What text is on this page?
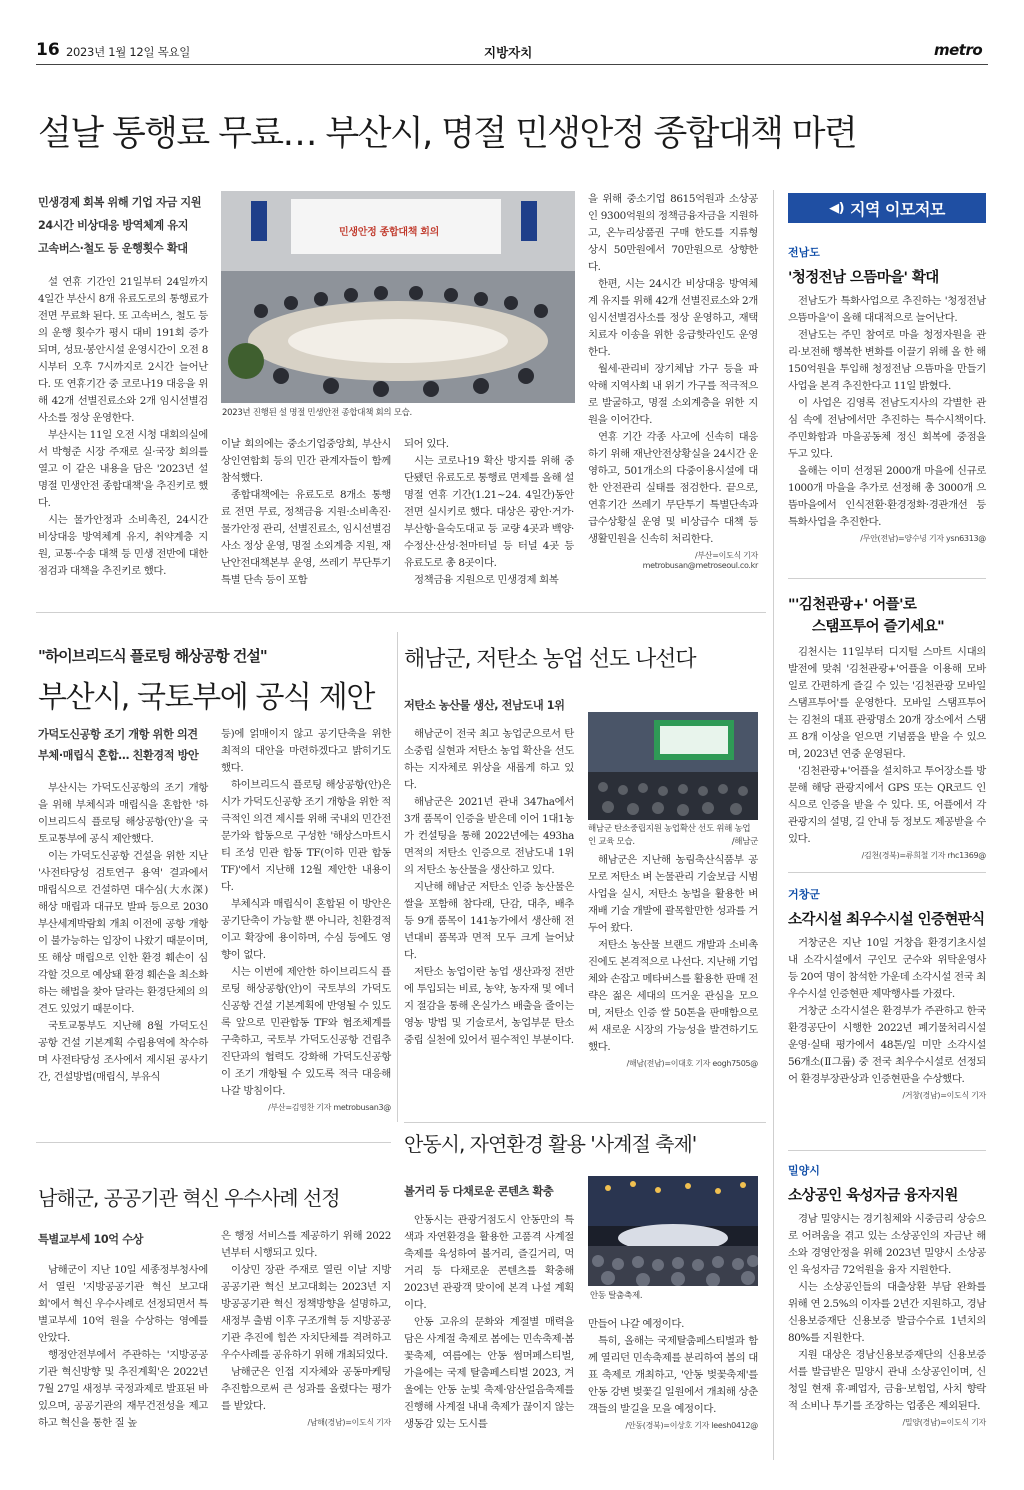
16 2023년 1월 12일 목요일	지방자치	metro
설날 통행료 무료… 부산시, 명절 민생안정 종합대책 마련
민생경제 회복 위해 기업 자금 지원
24시간 비상대응 방역체계 유지
고속버스·철도 등 운행횟수 확대
민생안정 종합대책 회의
2023년 진행된 설 명절 민생안전 종합대책 회의 모습.

설 연휴 기간인 21일부터 24일까지 4일간 부산시 8개 유료도로의 통행료가 전면 무료화 된다. 또 고속버스, 철도 등의 운행 횟수가 평시 대비 191회 증가되며, 성묘·봉안시설 운영시간이 오전 8시부터 오후 7시까지로 2시간 늘어난다. 또 연휴기간 중 코로나19 대응을 위해 42개 선별진료소와 2개 임시선별검사소를 정상 운영한다.

부산시는 11일 오전 시청 대회의실에서 박형준 시장 주재로 실·국장 회의를 열고 이 같은 내용을 담은 '2023년 설 명절 민생안전 종합대책'을 추진키로 했다.

시는 물가안정과 소비촉진, 24시간 비상대응 방역체계 유지, 취약계층 지원, 교통·수송 대책 등 민생 전반에 대한 점검과 대책을 추진키로 했다.

이날 회의에는 중소기업중앙회, 부산시상인연합회 등의 민간 관계자들이 함께 참석했다.

종합대책에는 유료도로 8개소 통행료 전면 무료, 정책금융 지원·소비촉진·물가안정 관리, 선별진료소, 임시선별검사소 정상 운영, 명절 소외계층 지원, 재난안전대책본부 운영, 쓰레기 무단투기 특별 단속 등이 포함

되어 있다.

시는 코로나19 확산 방지를 위해 중단됐던 유료도로 통행료 면제를 올해 설 명절 연휴 기간(1.21~24. 4일간)동안 전면 실시키로 했다. 대상은 광안·거가·부산항·을숙도대교 등 교량 4곳과 백양·수정산·산성·천마터널 등 터널 4곳 등 유료도로 총 8곳이다.

정책금융 지원으로 민생경제 회복

을 위해 중소기업 8615억원과 소상공인 9300억원의 정책금융자금을 지원하고, 온누리상품권 구매 한도를 지류형 상시 50만원에서 70만원으로 상향한다.

한편, 시는 24시간 비상대응 방역체계 유지를 위해 42개 선별진료소와 2개 임시선별검사소를 정상 운영하고, 재택치료자 이송을 위한 응급핫라인도 운영한다.

월세·관리비 장기체납 가구 등을 파악해 지역사회 내 위기 가구를 적극적으로 발굴하고, 명절 소외계층을 위한 지원을 이어간다.

연휴 기간 각종 사고에 신속히 대응하기 위해 재난안전상황실을 24시간 운영하고, 501개소의 다중이용시설에 대한 안전관리 실태를 점검한다. 끝으로, 연휴기간 쓰레기 무단투기 특별단속과 급수상황실 운영 및 비상급수 대책 등 생활민원을 신속히 처리한다.

/부산=이도식 기자 metrobusan@metroseoul.co.kr
"하이브리드식 플로팅 해상공항 건설"
부산시, 국토부에 공식 제안
가덕도신공항 조기 개항 위한 의견
부체·매립식 혼합… 친환경적 방안

부산시는 가덕도신공항의 조기 개항을 위해 부체식과 매립식을 혼합한 '하이브리드식 플로팅 해상공항(안)'을 국토교통부에 공식 제안했다.

이는 가덕도신공항 건설을 위한 지난 '사전타당성 검토연구 용역' 결과에서 매립식으로 건설하면 대수심(大水深) 해상 매립과 대규모 발파 등으로 2030부산세계박람회 개최 이전에 공항 개항이 불가능하는 입장이 나왔기 때문이며, 또 해상 매립으로 인한 환경 훼손이 심각할 것으로 예상돼 환경 훼손을 최소화하는 해법을 찾아 달라는 환경단체의 의견도 있었기 때문이다.

국토교통부도 지난해 8월 가덕도신공항 건설 기본계획 수립용역에 착수하며 사전타당성 조사에서 제시된 공사기간, 건설방법(매립식, 부유식

등)에 얽매이지 않고 공기단축을 위한 최적의 대안을 마련하겠다고 밝히기도 했다.

하이브리드식 플로팅 해상공항(안)은 시가 가덕도신공항 조기 개항을 위한 적극적인 의견 제시를 위해 국내외 민간전문가와 합동으로 구성한 '해상스마트시티 조성 민관 합동 TF(이하 민관 합동TF)'에서 지난해 12월 제안한 내용이다.

부체식과 매립식이 혼합된 이 방안은 공기단축이 가능할 뿐 아니라, 친환경적이고 확장에 용이하며, 수심 등에도 영향이 없다.

시는 이번에 제안한 하이브리드식 플로팅 해상공항(안)이 국토부의 가덕도신공항 건설 기본계획에 반영될 수 있도록 앞으로 민관합동 TF와 협조체계를 구축하고, 국토부 가덕도신공항 건립추진단과의 협력도 강화해 가덕도신공항이 조기 개항될 수 있도록 적극 대응해 나갈 방침이다.

/부산=김영찬 기자 metrobusan3@
해남군, 저탄소 농업 선도 나선다
저탄소 농산물 생산, 전남도내 1위

해남군이 전국 최고 농업군으로서 탄소중립 실현과 저탄소 농업 확산을 선도하는 지자체로 위상을 새롭게 하고 있다.

해남군은 2021년 관내 347ha에서 3개 품목이 인증을 받은데 이어 1대1농가 컨설팅을 통해 2022년에는 493ha 면적의 저탄소 인증으로 전남도내 1위의 저탄소 농산물을 생산하고 있다.

지난해 해남군 저탄소 인증 농산물은 쌀을 포함해 참다래, 단감, 대추, 배추 등 9개 품목이 141농가에서 생산해 전년대비 품목과 면적 모두 크게 늘어났다.

저탄소 농업이란 농업 생산과정 전반에 투입되는 비료, 농약, 농자재 및 에너지 절감을 통해 온실가스 배출을 줄이는 영농 방법 및 기술로서, 농업부문 탄소중립 실천에 있어서 필수적인 부분이다.

해남군 탄소중립지원 농업확산 선도 위해 농업인 교육 모습.	/해남군

해남군은 지난해 농림축산식품부 공모로 저탄소 벼 논물관리 기술보급 시범사업을 실시, 저탄소 농법을 활용한 벼 재배 기술 개발에 괄목할만한 성과를 거두어 왔다.

저탄소 농산물 브랜드 개발과 소비촉진에도 본격적으로 나선다. 지난해 기업체와 손잡고 메타버스를 활용한 판매 전략은 젊은 세대의 뜨거운 관심을 모으며, 저탄소 인증 쌀 50톤을 판매함으로써 새로운 시장의 가능성을 발견하기도 했다.

/해남(전남)=이대호 기자 eogh7505@
남해군, 공공기관 혁신 우수사례 선정
특별교부세 10억 수상

남해군이 지난 10일 세종정부청사에서 열린 '지방공공기관 혁신 보고대회'에서 혁신 우수사례로 선정되면서 특별교부세 10억 원을 수상하는 영예를 안았다.

행정안전부에서 주관하는 '지방공공기관 혁신방향 및 추진계획'은 2022년 7월 27일 새정부 국정과제로 발표된 바 있으며, 공공기관의 재무건전성을 제고하고 혁신을 통한 질 높

은 행정 서비스를 제공하기 위해 2022년부터 시행되고 있다.

이상민 장관 주재로 열린 이날 지방공공기관 혁신 보고대회는 2023년 지방공공기관 혁신 정책방향을 설명하고, 새정부 출범 이후 구조개혁 등 지방공공기관 추진에 힘쓴 자치단체를 격려하고 우수사례를 공유하기 위해 개최되었다.

남해군은 인접 지자체와 공동마케팅 추진함으로써 큰 성과를 올렸다는 평가를 받았다.

/남해(경남)=이도식 기자
안동시, 자연환경 활용 '사계절 축제'
볼거리 등 다채로운 콘텐츠 확충

안동시는 관광거점도시 안동만의 특색과 자연환경을 활용한 고품격 사계절 축제를 육성하여 볼거리, 즐길거리, 먹거리 등 다채로운 콘텐츠를 확충해 2023년 관광객 맞이에 본격 나설 계획이다.

안동 고유의 문화와 계절별 매력을 담은 사계절 축제로 봄에는 민속축제·봄꽃축제, 여름에는 안동 썸머페스티벌, 가을에는 국제 탈춤페스티벌 2023, 겨울에는 안동 눈빛 축제·암산얼음축제를 진행해 사계절 내내 축제가 끊이지 않는 생동감 있는 도시를

안동 탈춤축제.

만들어 나갈 예정이다.

특히, 올해는 국제탈춤페스티벌과 함께 열리던 민속축제를 분리하여 봄의 대표 축제로 개최하고, '안동 벚꽃축제'를 안동 강변 벚꽃길 일원에서 개최해 상춘객들의 발길을 모을 예정이다.

/안동(경북)=이상호 기자 leesh0412@
◀) 지역 이모저모
전남도
'청정전남 으뜸마을' 확대

전남도가 특화사업으로 추진하는 '청정전남 으뜸마을'이 올해 대대적으로 늘어난다.

전남도는 주민 참여로 마을 청정자원을 관리·보전해 행복한 변화를 이끌기 위해 올 한 해 150억원을 투입해 청정전남 으뜸마을 만들기 사업을 본격 추진한다고 11일 밝혔다.

이 사업은 김영록 전남도지사의 각별한 관심 속에 전남에서만 추진하는 특수시책이다. 주민화합과 마을공동체 정신 회복에 중점을 두고 있다.

올해는 이미 선정된 2000개 마을에 신규로 1000개 마을을 추가로 선정해 총 3000개 으뜸마을에서 인식전환·환경정화·경관개선 등 특화사업을 추진한다.

/무안(전남)=양수녕 기자 ysn6313@
"'김천관광+' 어플'로
스탬프투어 즐기세요"

김천시는 11일부터 디지털 스마트 시대의 발전에 맞춰 '김천관광+'어플을 이용해 모바일로 간편하게 즐길 수 있는 '김천관광 모바일 스탬프투어'를 운영한다. 모바일 스탬프투어는 김천의 대표 관광명소 20개 장소에서 스탬프 8개 이상을 얻으면 기념품을 받을 수 있으며, 2023년 연중 운영된다.

'김천관광+'어플을 설치하고 투어장소를 방문해 해당 관광지에서 GPS 또는 QR코드 인식으로 인증을 받을 수 있다. 또, 어플에서 각 관광지의 설명, 길 안내 등 정보도 제공받을 수 있다.

/김천(경북)=류희철 기자 rhc1369@
거창군
소각시설 최우수시설 인증현판식

거창군은 지난 10일 거창읍 환경기초시설 내 소각시설에서 구인모 군수와 위탁운영사 등 20여 명이 참석한 가운데 소각시설 전국 최우수시설 인증현판 제막행사를 가졌다.

거창군 소각시설은 환경부가 주관하고 한국환경공단이 시행한 2022년 폐기물처리시설 운영·실태 평가에서 48톤/일 미만 소각시설 56개소(Ⅱ그룹) 중 전국 최우수시설로 선정되어 환경부장관상과 인증현판을 수상했다.

/거창(경남)=이도식 기자
밀양시
소상공인 육성자금 융자지원

경남 밀양시는 경기침체와 시중금리 상승으로 어려움을 겪고 있는 소상공인의 자금난 해소와 경영안정을 위해 2023년 밀양시 소상공인 육성자금 72억원을 융자 지원한다.

시는 소상공인들의 대출상환 부담 완화를 위해 연 2.5%의 이자를 2년간 지원하고, 경남신용보증재단 신용보증 발급수수료 1년치의 80%를 지원한다.

지원 대상은 경남신용보증재단의 신용보증서를 발급받은 밀양시 관내 소상공인이며, 신청일 현재 휴·폐업자, 금융·보험업, 사치 향락적 소비나 투기를 조장하는 업종은 제외된다.

/밀양(경남)=이도식 기자
